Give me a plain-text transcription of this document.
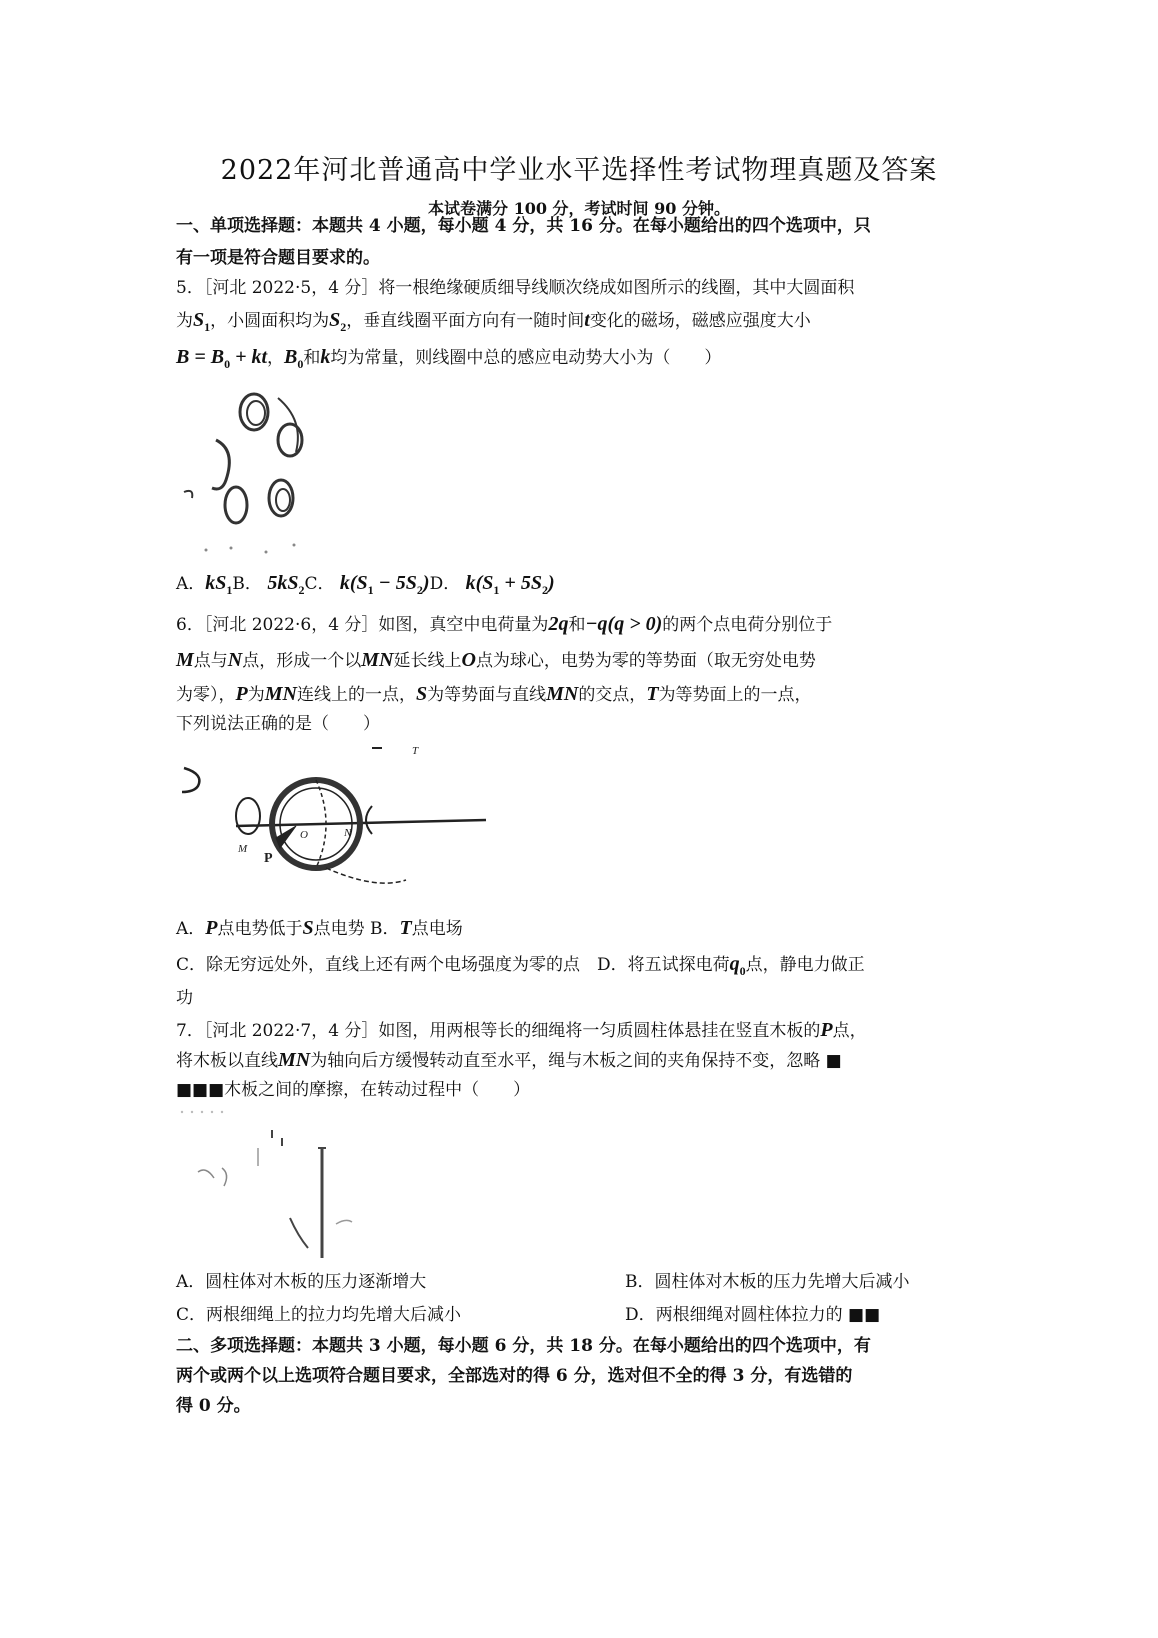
2022年河北普通高中学业水平选择性考试物理真题及答案
本试卷满分 100 分，考试时间 90 分钟。
一、单项选择题：本题共 4 小题，每小题 4 分，共 16 分。在每小题给出的四个选项中，只
有一项是符合题目要求的。
5．［河北 2022·5，4 分］将一根绝缘硬质细导线顺次绕成如图所示的线圈，其中大圆面积
为$S_1$，小圆面积均为$S_2$，垂直线圈平面方向有一随时间t变化的磁场，磁感应强度大小
$B = B_0$ + kt，$B_0$和k均为常量，则线圈中总的感应电动势大小为（　　）
A．$kS_1B$． $5kS_2C$． $k(S_1 - 5S_2)D$． $k(S_1 + 5S_2)$
6．［河北 2022·6，4 分］如图，真空中电荷量为2q和−q(q > 0)的两个点电荷分别位于
M点与N点，形成一个以MN延长线上O点为球心，电势为零的等势面（取无穷处电势
为零），P为MN连线上的一点，S为等势面与直线MN的交点，T为等势面上的一点，
下列说法正确的是（　　）
T
M
N
O
P
A．P点电势低于S点电势 B．T点电场
C．除无穷远处外，直线上还有两个电场强度为零的点　D．将五试探电荷$q_0$点，静电力做正
功
7．［河北 2022·7，4 分］如图，用两根等长的细绳将一匀质圆柱体悬挂在竖直木板的P点，
将木板以直线MN为轴向后方缓慢转动直至水平，绳与木板之间的夹角保持不变，忽略 ■
■■■木板之间的摩擦，在转动过程中（　　）
A．圆柱体对木板的压力逐渐增大	B．圆柱体对木板的压力先增大后减小
C．两根细绳上的拉力均先增大后减小	D．两根细绳对圆柱体拉力的 ■■
二、多项选择题：本题共 3 小题，每小题 6 分，共 18 分。在每小题给出的四个选项中，有
两个或两个以上选项符合题目要求，全部选对的得 6 分，选对但不全的得 3 分，有选错的
得 0 分。
